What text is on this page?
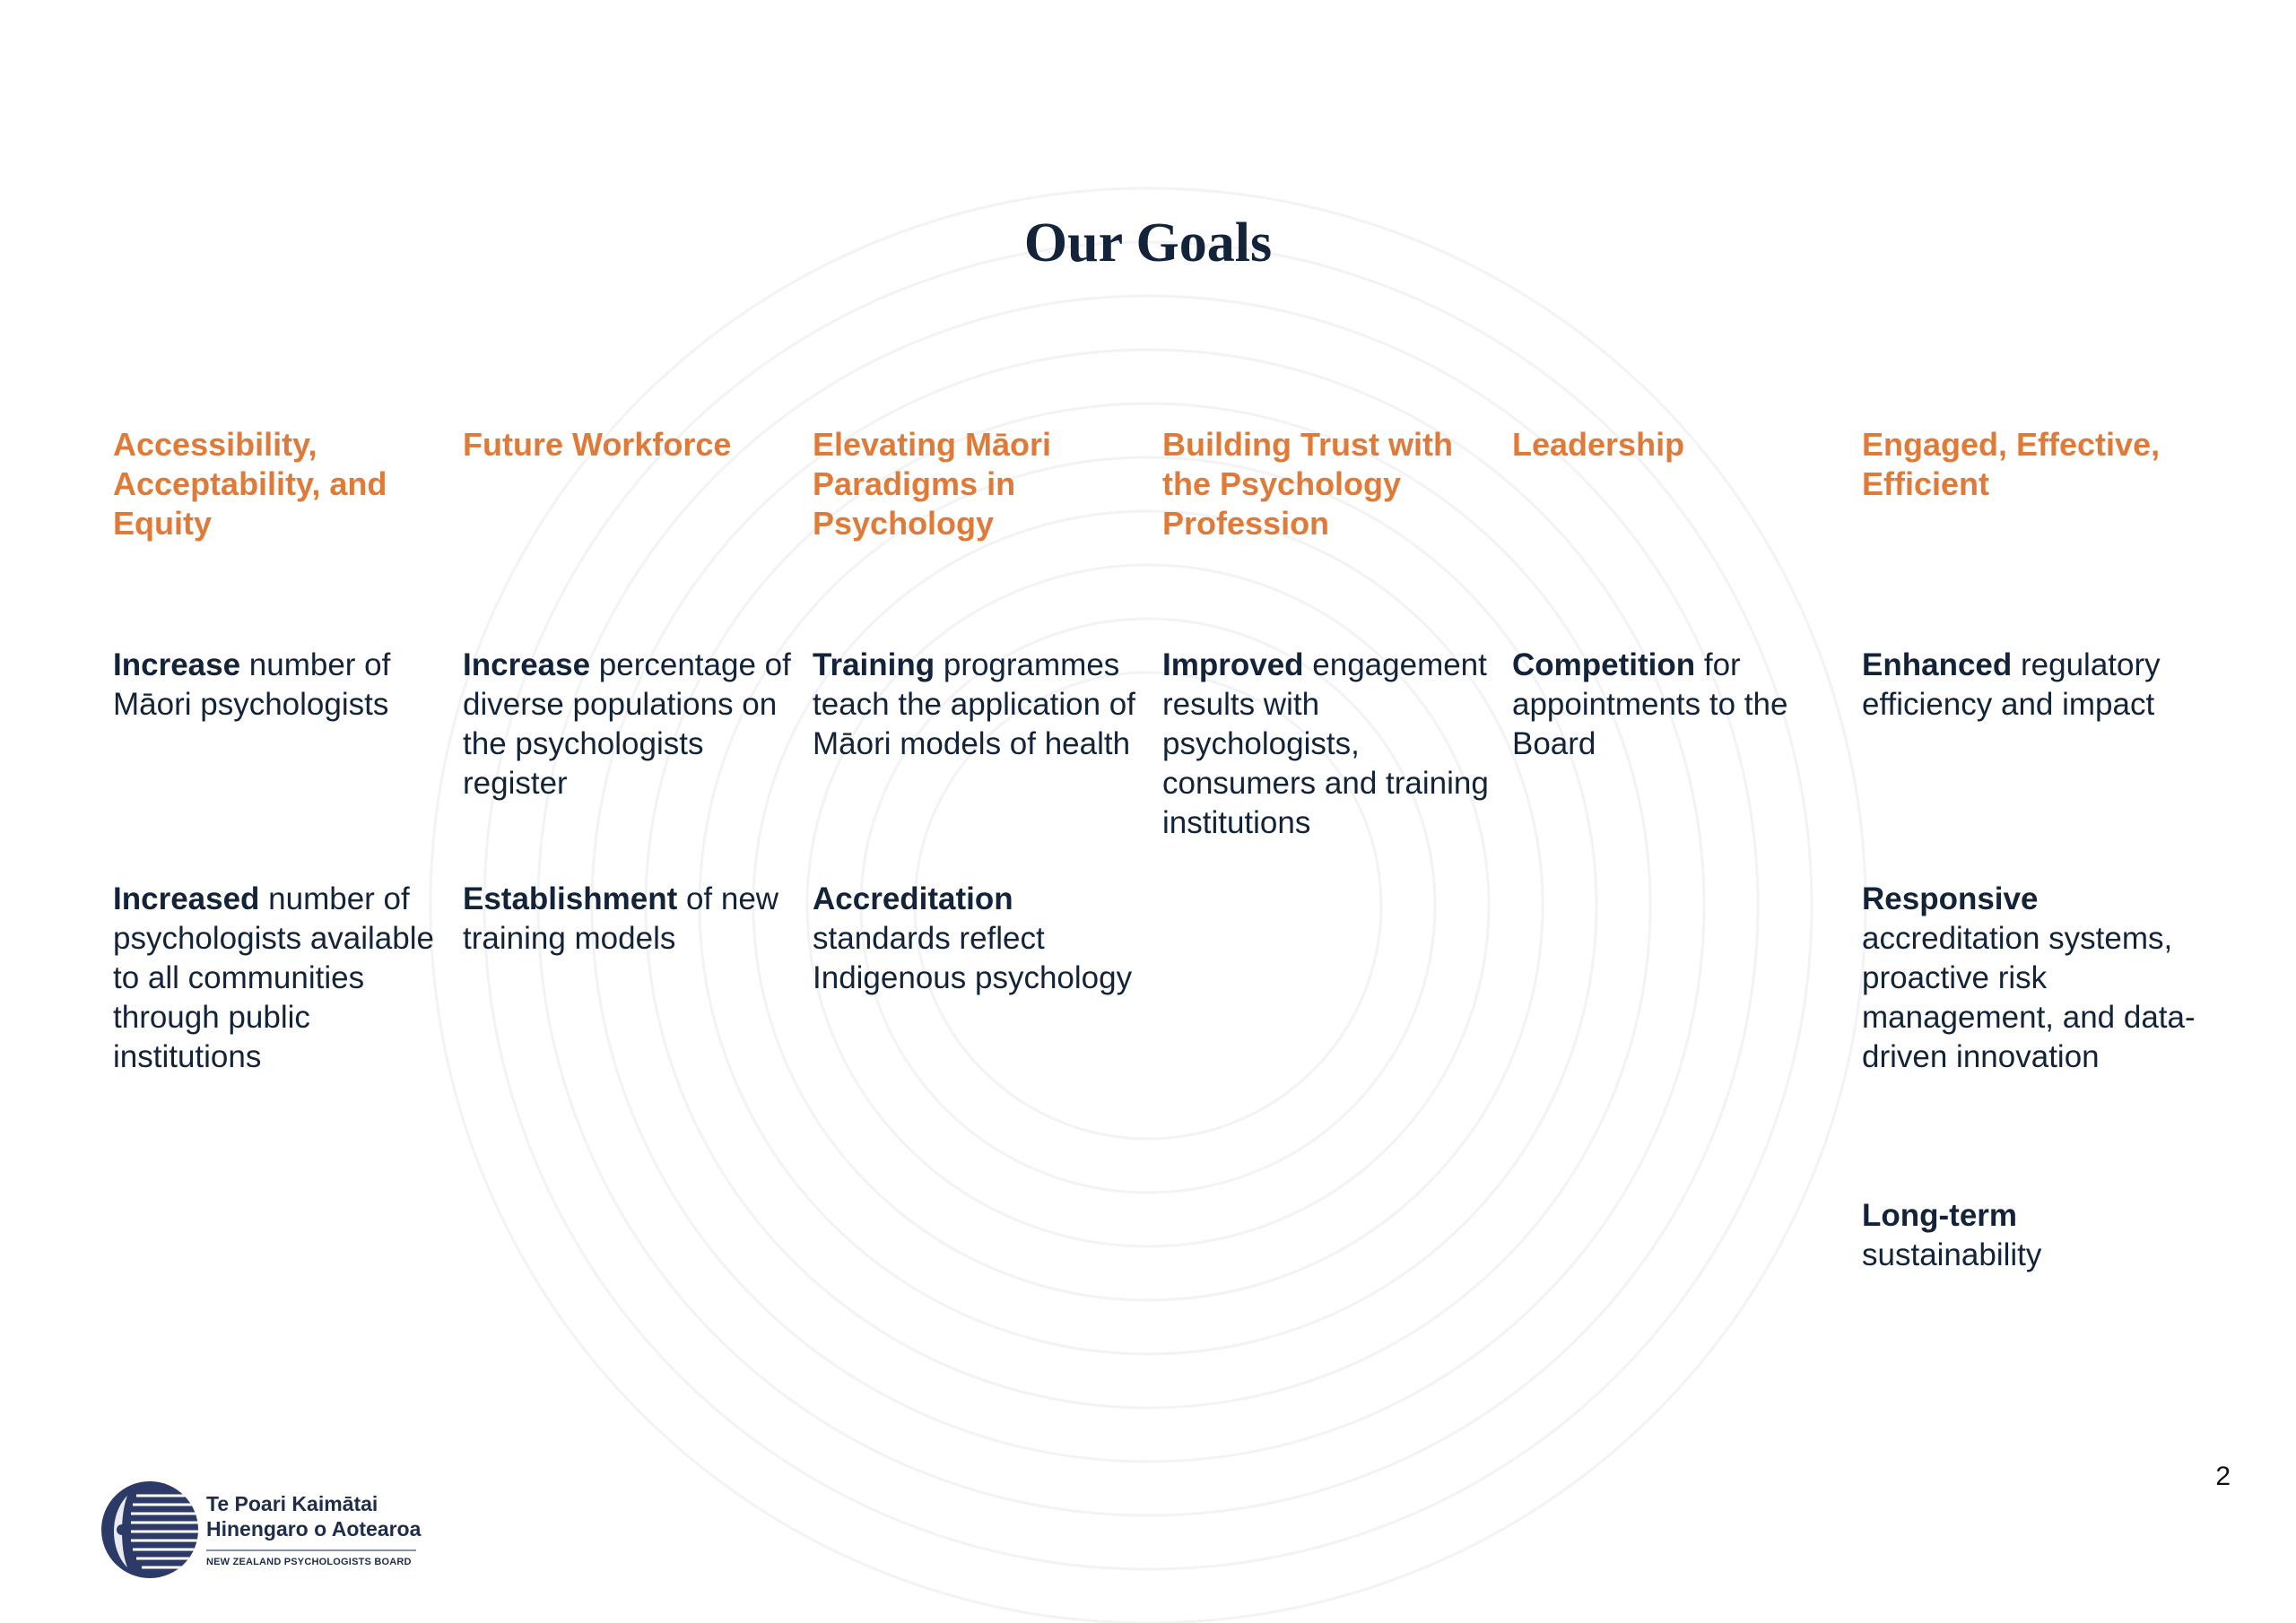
Our Goals

Accessibility, Acceptability, and Equity

Increase number of Māori psychologists
Increased number of psychologists available to all communities through public institutions

Future Workforce

Increase percentage of diverse populations on the psychologists register
Establishment of new training models

Elevating Māori Paradigms in Psychology

Training programmes teach the application of Māori models of health
Accreditation standards reflect Indigenous psychology

Building Trust with the Psychology Profession

Improved engagement results with psychologists, consumers and training institutions

Leadership

Competition for appointments to the Board

Engaged, Effective, Efficient

Enhanced regulatory efficiency and impact
Responsive accreditation systems, proactive risk management, and data-driven innovation
Long-term sustainability
2
Te Poari Kaimātai
Hinengaro o Aotearoa
NEW ZEALAND PSYCHOLOGISTS BOARD
